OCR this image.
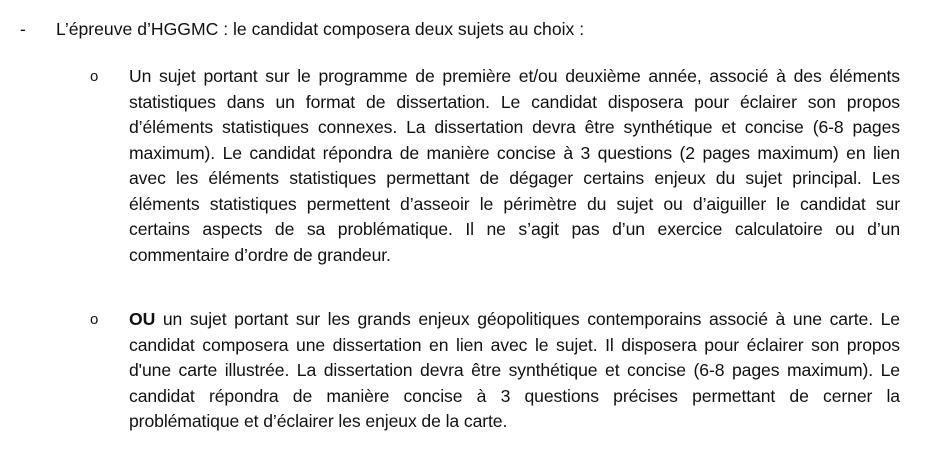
-	L’épreuve d’HGGMC : le candidat composera deux sujets au choix :
o	Un sujet portant sur le programme de première et/ou deuxième année, associé à des éléments statistiques dans un format de dissertation. Le candidat disposera pour éclairer son propos d’éléments statistiques connexes. La dissertation devra être synthétique et concise (6-8 pages maximum). Le candidat répondra de manière concise à 3 questions (2 pages maximum) en lien avec les éléments statistiques permettant de dégager certains enjeux du sujet principal. Les éléments statistiques permettent d’asseoir le périmètre du sujet ou d’aiguiller le candidat sur certains aspects de sa problématique. Il ne s’agit pas d’un exercice calculatoire ou d’un commentaire d’ordre de grandeur.
o	OU un sujet portant sur les grands enjeux géopolitiques contemporains associé à une carte. Le candidat composera une dissertation en lien avec le sujet. Il disposera pour éclairer son propos d'une carte illustrée. La dissertation devra être synthétique et concise (6-8 pages maximum). Le candidat répondra de manière concise à 3 questions précises permettant de cerner la problématique et d’éclairer les enjeux de la carte.
